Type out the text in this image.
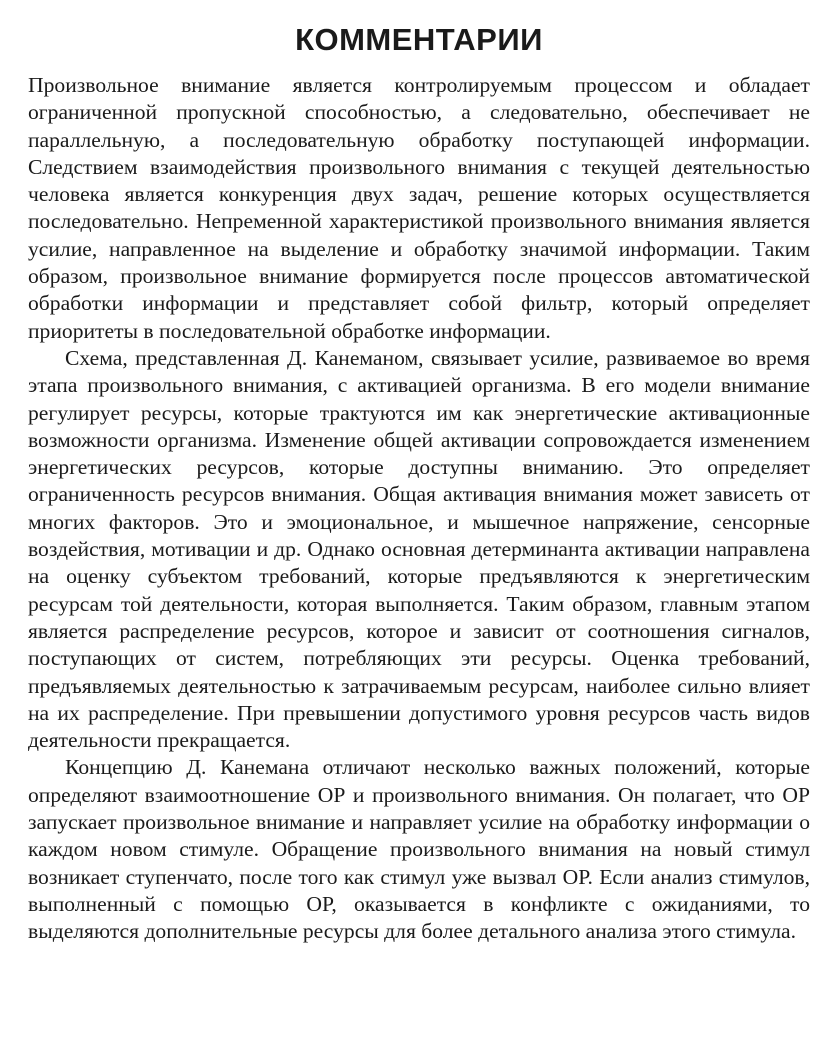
КОММЕНТАРИИ

Произвольное внимание является контролируемым процессом и обладает ограниченной пропускной способностью, а следовательно, обеспечивает не параллельную, а последовательную обработку поступающей информации. Следствием взаимодействия произвольного внимания с текущей деятельностью человека является конкуренция двух задач, решение которых осуществляется последовательно. Непременной характеристикой произвольного внимания является усилие, направленное на выделение и обработку значимой информации. Таким образом, произвольное внимание формируется после процессов автоматической обработки информации и представляет собой фильтр, который определяет приоритеты в последовательной обработке информации.

Схема, представленная Д. Канеманом, связывает усилие, развиваемое во время этапа произвольного внимания, с активацией организма. В его модели внимание регулирует ресурсы, которые трактуются им как энергетические активационные возможности организма. Изменение общей активации сопровождается изменением энергетических ресурсов, которые доступны вниманию. Это определяет ограниченность ресурсов внимания. Общая активация внимания может зависеть от многих факторов. Это и эмоциональное, и мышечное напряжение, сенсорные воздействия, мотивации и др. Однако основная детерминанта активации направлена на оценку субъектом требований, которые предъявляются к энергетическим ресурсам той деятельности, которая выполняется. Таким образом, главным этапом является распределение ресурсов, которое и зависит от соотношения сигналов, поступающих от систем, потребляющих эти ресурсы. Оценка требований, предъявляемых деятельностью к затрачиваемым ресурсам, наиболее сильно влияет на их распределение. При превышении допустимого уровня ресурсов часть видов деятельности прекращается.

Концепцию Д. Канемана отличают несколько важных положений, которые определяют взаимоотношение ОР и произвольного внимания. Он полагает, что ОР запускает произвольное внимание и направляет усилие на обработку информации о каждом новом стимуле. Обращение произвольного внимания на новый стимул возникает ступенчато, после того как стимул уже вызвал ОР. Если анализ стимулов, выполненный с помощью ОР, оказывается в конфликте с ожиданиями, то выделяются дополнительные ресурсы для более детального анализа этого стимула.
